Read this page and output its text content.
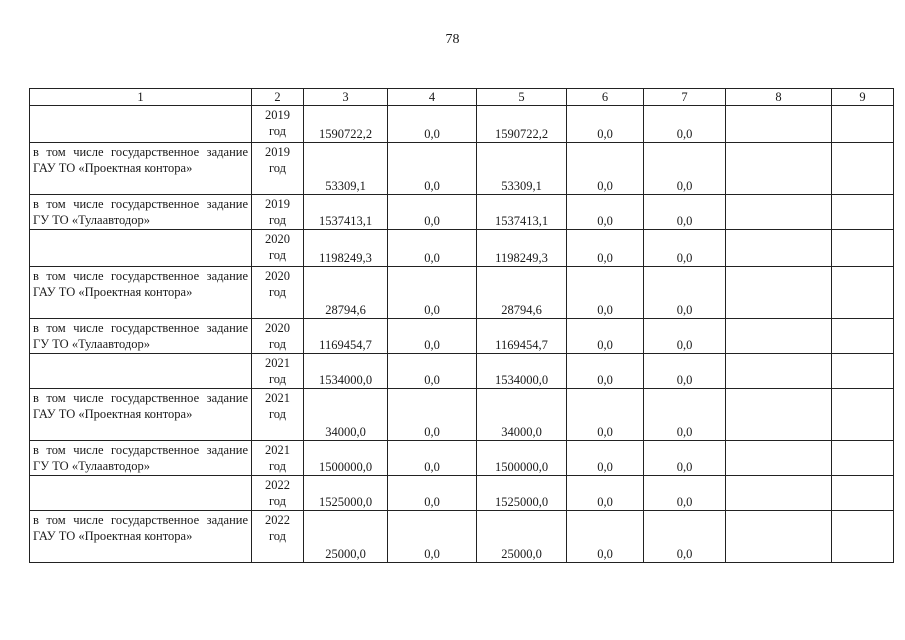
78
1	2	3	4	5	6	7	8	9
	2019 год	1590722,2	0,0	1590722,2	0,0	0,0		
в том числе государственное задание ГАУ ТО «Проектная контора»	2019 год	53309,1	0,0	53309,1	0,0	0,0		
в том числе государственное задание ГУ ТО «Тулаавтодор»	2019 год	1537413,1	0,0	1537413,1	0,0	0,0		
	2020 год	1198249,3	0,0	1198249,3	0,0	0,0		
в том числе государственное задание ГАУ ТО «Проектная контора»	2020 год	28794,6	0,0	28794,6	0,0	0,0		
в том числе государственное задание ГУ ТО «Тулаавтодор»	2020 год	1169454,7	0,0	1169454,7	0,0	0,0		
	2021 год	1534000,0	0,0	1534000,0	0,0	0,0		
в том числе государственное задание ГАУ ТО «Проектная контора»	2021 год	34000,0	0,0	34000,0	0,0	0,0		
в том числе государственное задание ГУ ТО «Тулаавтодор»	2021 год	1500000,0	0,0	1500000,0	0,0	0,0		
	2022 год	1525000,0	0,0	1525000,0	0,0	0,0		
в том числе государственное задание ГАУ ТО «Проектная контора»	2022 год	25000,0	0,0	25000,0	0,0	0,0		
